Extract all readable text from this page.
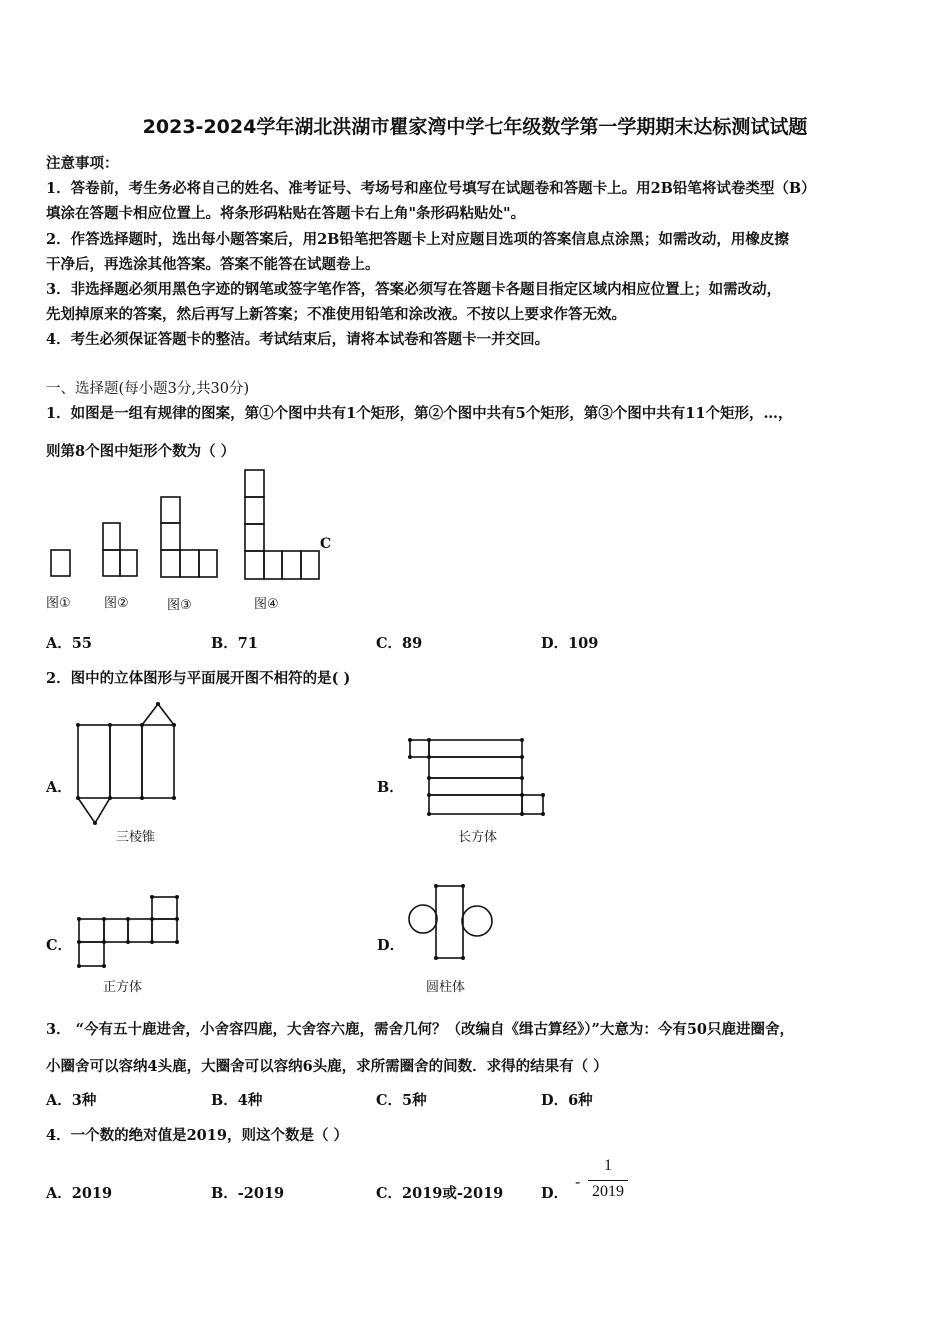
2023-2024学年湖北洪湖市瞿家湾中学七年级数学第一学期期末达标测试试题
注意事项：
1．答卷前，考生务必将自己的姓名、准考证号、考场号和座位号填写在试题卷和答题卡上。用2B铅笔将试卷类型（B）
填涂在答题卡相应位置上。将条形码粘贴在答题卡右上角"条形码粘贴处"。
2．作答选择题时，选出每小题答案后，用2B铅笔把答题卡上对应题目选项的答案信息点涂黑；如需改动，用橡皮擦
干净后，再选涂其他答案。答案不能答在试题卷上。
3．非选择题必须用黑色字迹的钢笔或签字笔作答，答案必须写在答题卡各题目指定区域内相应位置上；如需改动，
先划掉原来的答案，然后再写上新答案；不准使用铅笔和涂改液。不按以上要求作答无效。
4．考生必须保证答题卡的整洁。考试结束后，请将本试卷和答题卡一并交回。
一、选择题(每小题3分,共30分)
1．如图是一组有规律的图案，第①个图中共有1个矩形，第②个图中共有5个矩形，第③个图中共有11个矩形，…，
则第8个图中矩形个数为（ ）
C
图①	图②	图③	图④
A．55	B．71	C．89	D．109
2．图中的立体图形与平面展开图不相符的是( )
A．	B．
C．	D．
三棱锥	长方体
正方体	圆柱体
3． “今有五十鹿进舍，小舍容四鹿，大舍容六鹿，需舍几何？（改编自《缉古算经》）”大意为：今有50只鹿进圈舍，
小圈舍可以容纳4头鹿，大圈舍可以容纳6头鹿，求所需圈舍的间数．求得的结果有（ ）
A．3种	B．4种	C．5种	D．6种
4．一个数的绝对值是2019，则这个数是（ ）
A．2019	B．-2019	C．2019或-2019	D．
-
1
2019
